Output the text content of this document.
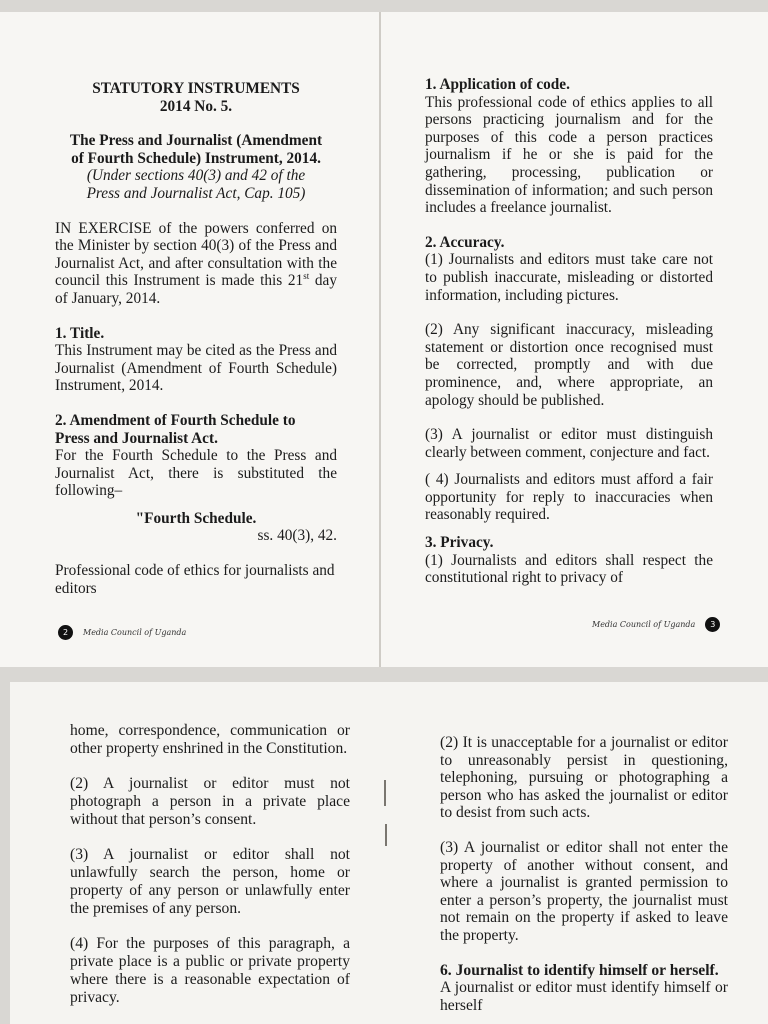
STATUTORY INSTRUMENTS

2014 No. 5.

The Press and Journalist (Amendment

of Fourth Schedule) Instrument, 2014.

(Under sections 40(3) and 42 of the

Press and Journalist Act, Cap. 105)

IN EXERCISE of the powers conferred on the Minister by section 40(3) of the Press and Journalist Act, and after consultation with the council this Instrument is made this 21st day of January, 2014.

1. Title.

This Instrument may be cited as the Press and Journalist (Amendment of Fourth Schedule) Instrument, 2014.

2. Amendment of Fourth Schedule to

Press and Journalist Act.

For the Fourth Schedule to the Press and Journalist Act, there is substituted the following–

"Fourth Schedule.

ss. 40(3), 42.

Professional code of ethics for journalists and editors

2	Media Council of Uganda

1. Application of code.

This professional code of ethics applies to all persons practicing journalism and for the purposes of this code a person practices journalism if he or she is paid for the gathering, processing, publication or dissemination of information; and such person includes a freelance journalist.

2. Accuracy.

(1) Journalists and editors must take care not to publish inaccurate, misleading or distorted information, including pictures.

(2) Any significant inaccuracy, misleading statement or distortion once recognised must be corrected, promptly and with due prominence, and, where appropriate, an apology should be published.

(3) A journalist or editor must distinguish clearly between comment, conjecture and fact.

( 4) Journalists and editors must afford a fair opportunity for reply to inaccuracies when reasonably required.

3. Privacy.

(1) Journalists and editors shall respect the constitutional right to privacy of

Media Council of Uganda	3

home, correspondence, communication or other property enshrined in the Constitution.

(2) A journalist or editor must not photograph a person in a private place without that person’s consent.

(3) A journalist or editor shall not unlawfully search the person, home or property of any person or unlawfully enter the premises of any person.

(4) For the purposes of this paragraph, a private place is a public or private property where there is a reasonable expectation of privacy.

(2) It is unacceptable for a journalist or editor to unreasonably persist in questioning, telephoning, pursuing or photographing a person who has asked the journalist or editor to desist from such acts.

(3) A journalist or editor shall not enter the property of another without consent, and where a journalist is granted permission to enter a person’s property, the journalist must not remain on the property if asked to leave the property.

6. Journalist to identify himself or herself.

A journalist or editor must identify himself or herself
